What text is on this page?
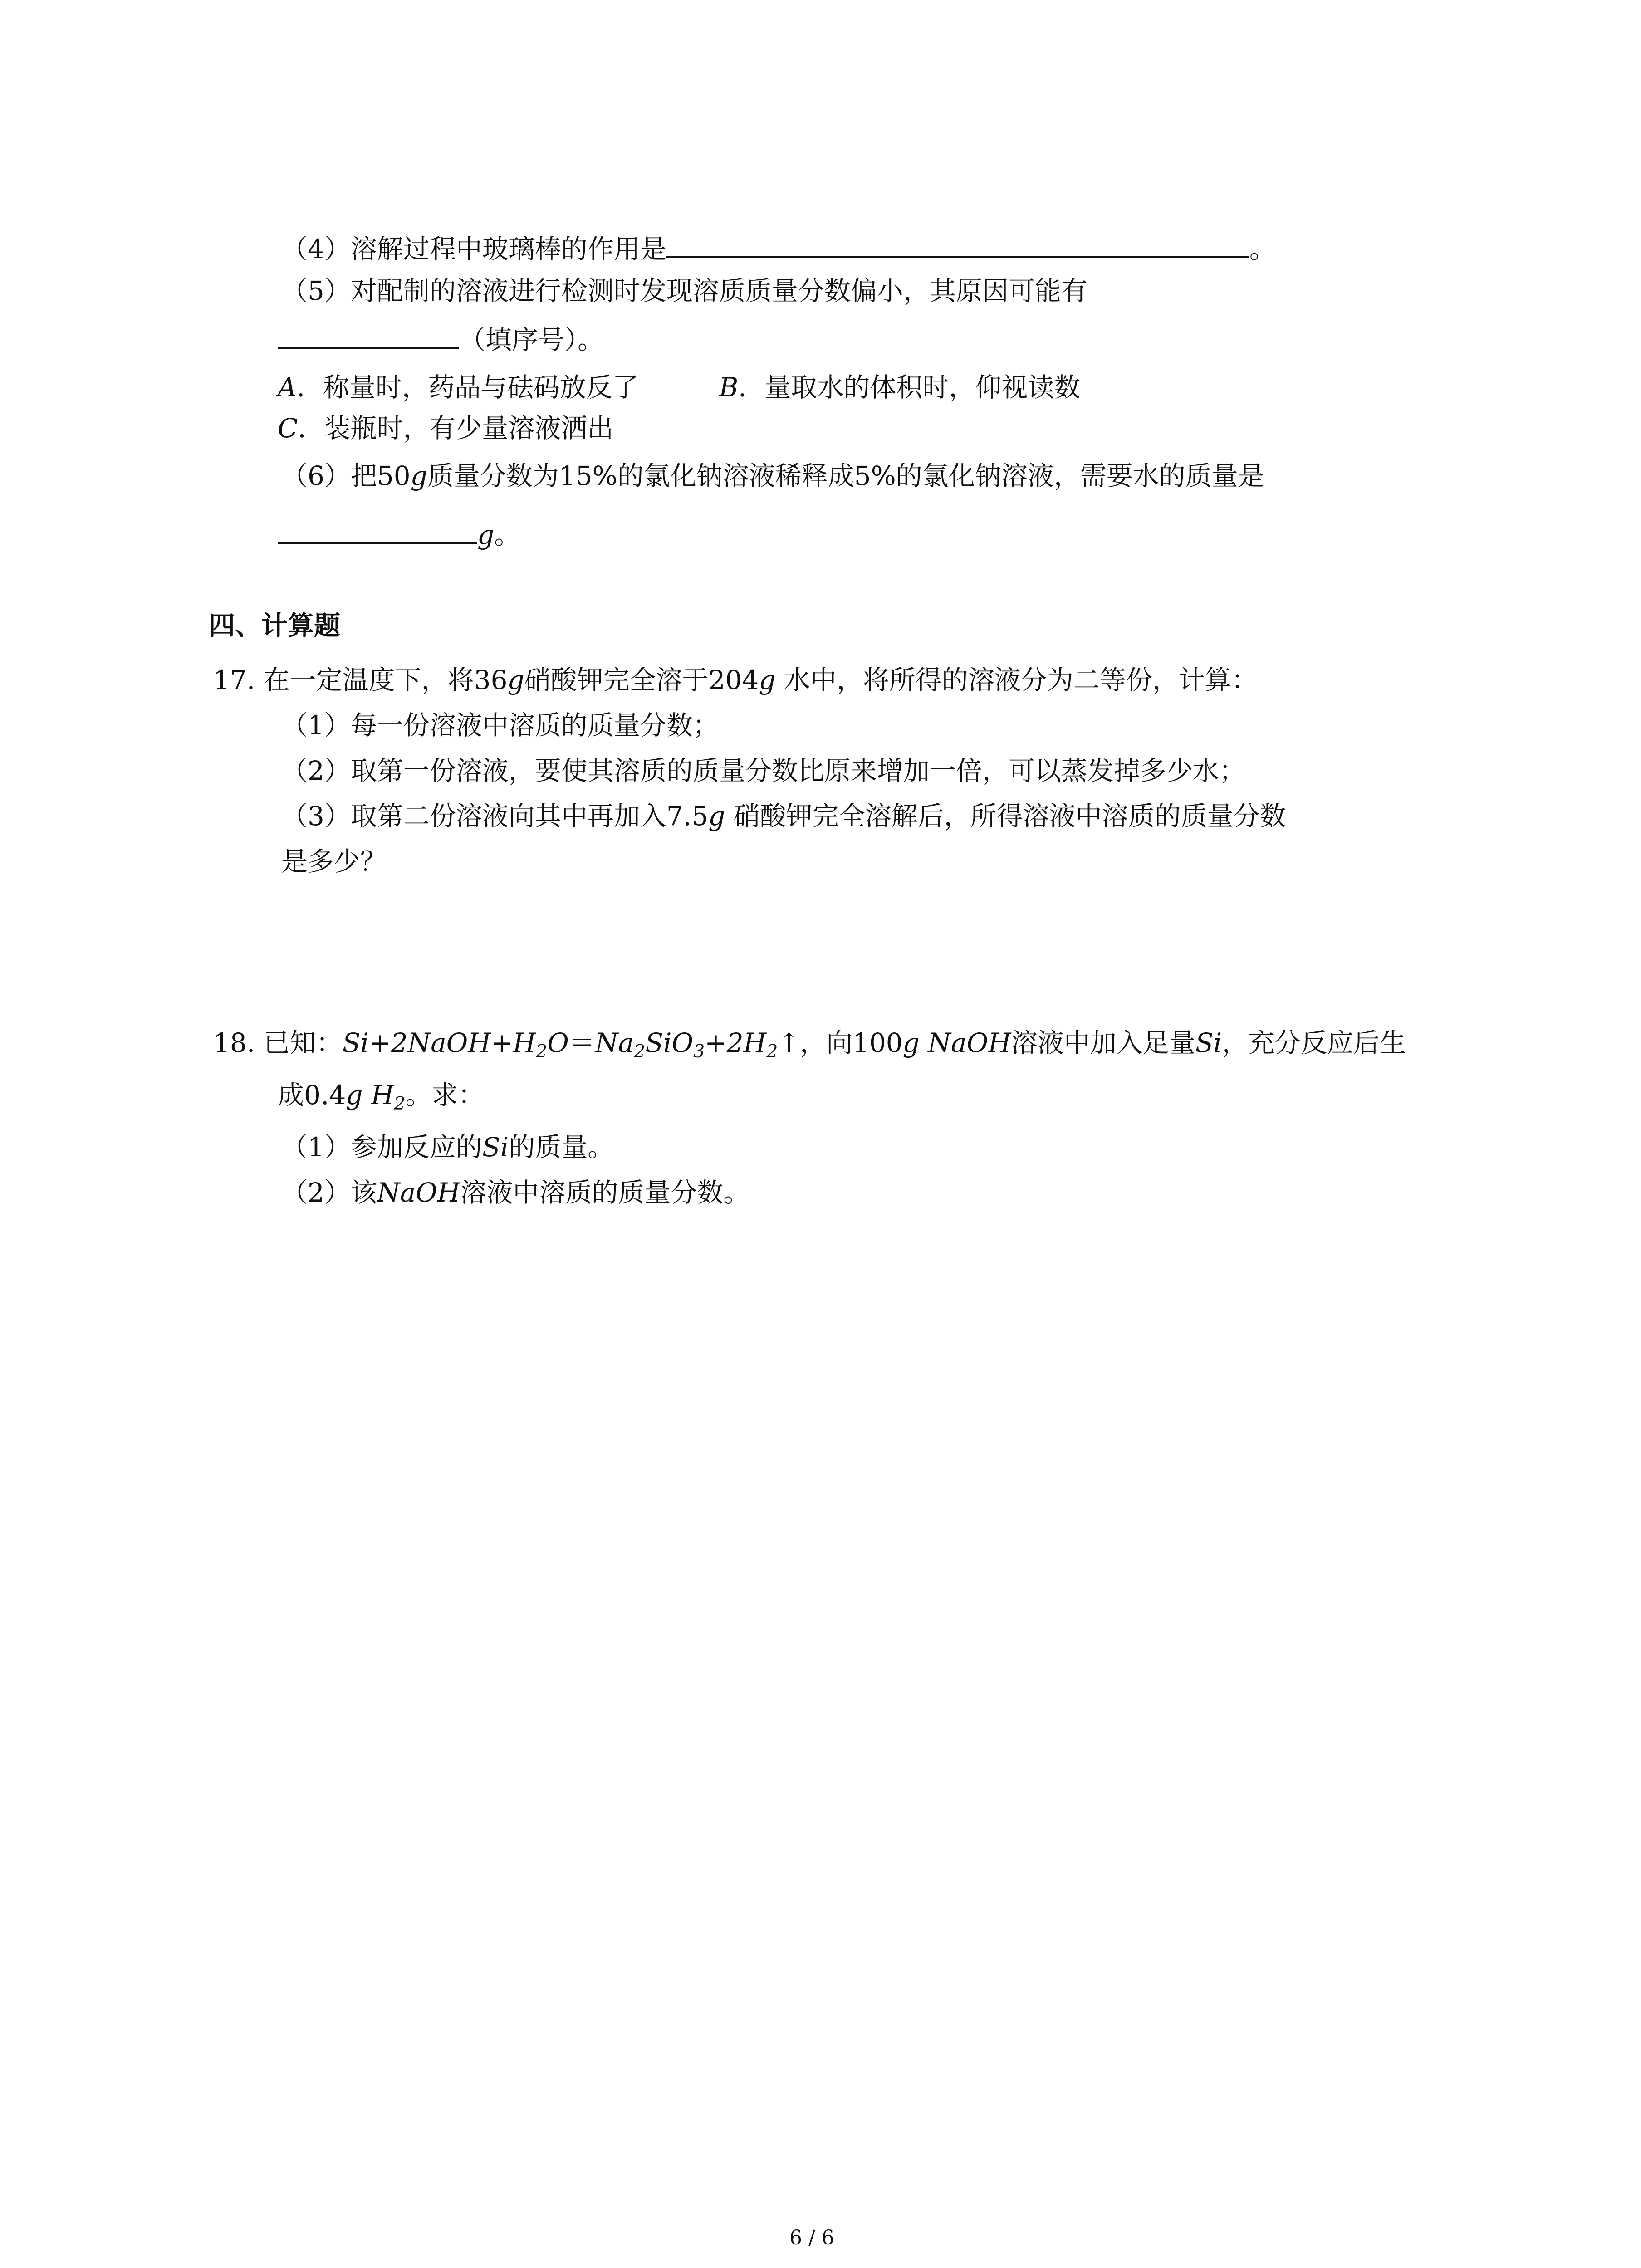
（4）溶解过程中玻璃棒的作用是	。
（5）对配制的溶液进行检测时发现溶质质量分数偏小，其原因可能有
（填序号）。
A．称量时，药品与砝码放反了	B．量取水的体积时，仰视读数
C．装瓶时，有少量溶液洒出
（6）把50g质量分数为15%的氯化钠溶液稀释成5%的氯化钠溶液，需要水的质量是
g。
四、计算题
17. 在一定温度下，将36g硝酸钾完全溶于204g 水中，将所得的溶液分为二等份，计算：
（1）每一份溶液中溶质的质量分数；
（2）取第一份溶液，要使其溶质的质量分数比原来增加一倍，可以蒸发掉多少水；
（3）取第二份溶液向其中再加入7.5g 硝酸钾完全溶解后，所得溶液中溶质的质量分数
是多少？
18. 已知：$Si+2NaOH+H_2O=Na_2SiO_3+2H_2↑$，向100g NaOH溶液中加入足量Si，充分反应后生
成0.4g $H_2$。求：
（1）参加反应的Si的质量。
（2）该NaOH溶液中溶质的质量分数。
6 / 6
